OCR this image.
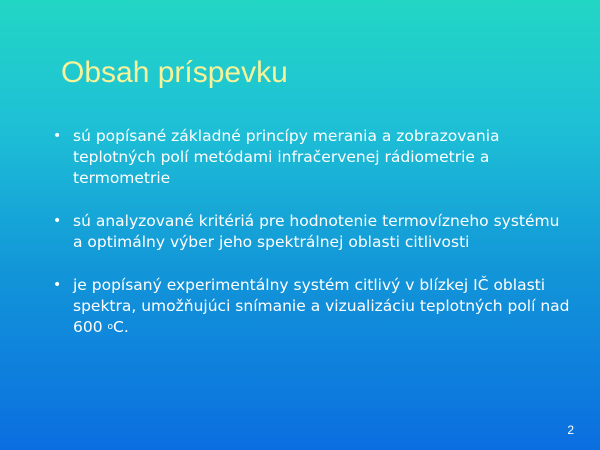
Obsah príspevku
• sú popísané základné princípy merania a zobrazovania teplotných polí metódami infračervenej rádiometrie a termometrie
• sú analyzované kritériá pre hodnotenie termovízneho systému a optimálny výber jeho spektrálnej oblasti citlivosti
• je popísaný experimentálny systém citlivý v blízkej IČ oblasti spektra, umožňujúci snímanie a vizualizáciu teplotných polí nad 600 oC.
2
